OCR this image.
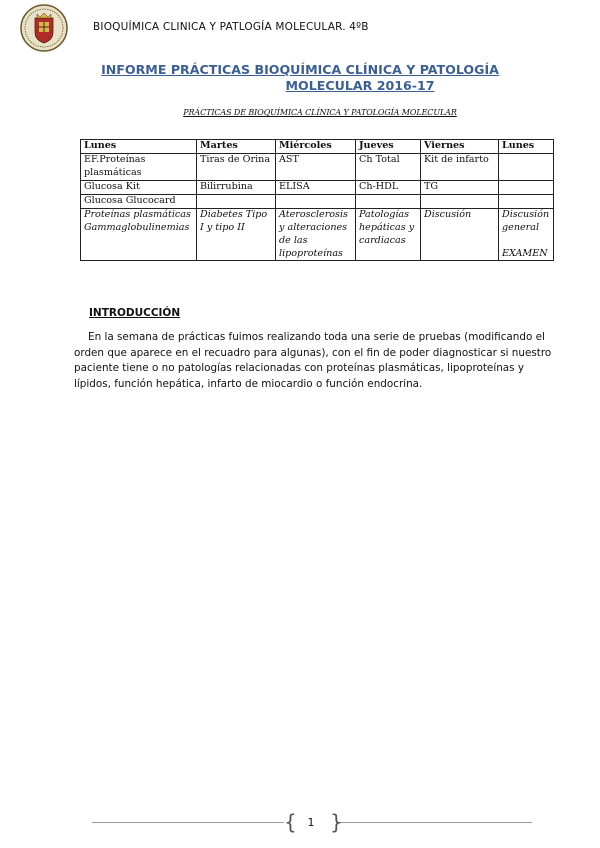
BIOQUÍMICA CLINICA Y PATLOGÍA MOLECULAR. 4ºB
INFORME PRÁCTICAS BIOQUÍMICA CLÍNICA Y PATOLOGÍA
MOLECULAR 2016-17
PRÁCTICAS DE BIOQUÍMICA CLÍNICA Y PATOLOGÍA MOLECULAR
Lunes	Martes	Miércoles	Jueves	Viernes	Lunes
EF.Proteínas plasmáticas	Tiras de Orina	AST	Ch Total	Kit de infarto	
Glucosa Kit	Bilirrubina	ELISA	Ch-HDL	TG	
Glucosa Glucocard					
Proteínas plasmáticas Gammaglobulinemias	Diabetes Tipo I y tipo II	Aterosclerosis y alteraciones de las lipoproteínas	Patologías hepáticas y cardiacas	Discusión	Discusión general

EXAMEN
INTRODUCCIÓN
En la semana de prácticas fuimos realizando toda una serie de pruebas (modificando el orden que aparece en el recuadro para algunas), con el fin de poder diagnosticar si nuestro paciente tiene o no patologías relacionadas con proteínas plasmáticas, lipoproteínas y lípidos, función hepática, infarto de miocardio o función endocrina.
{ }
1
